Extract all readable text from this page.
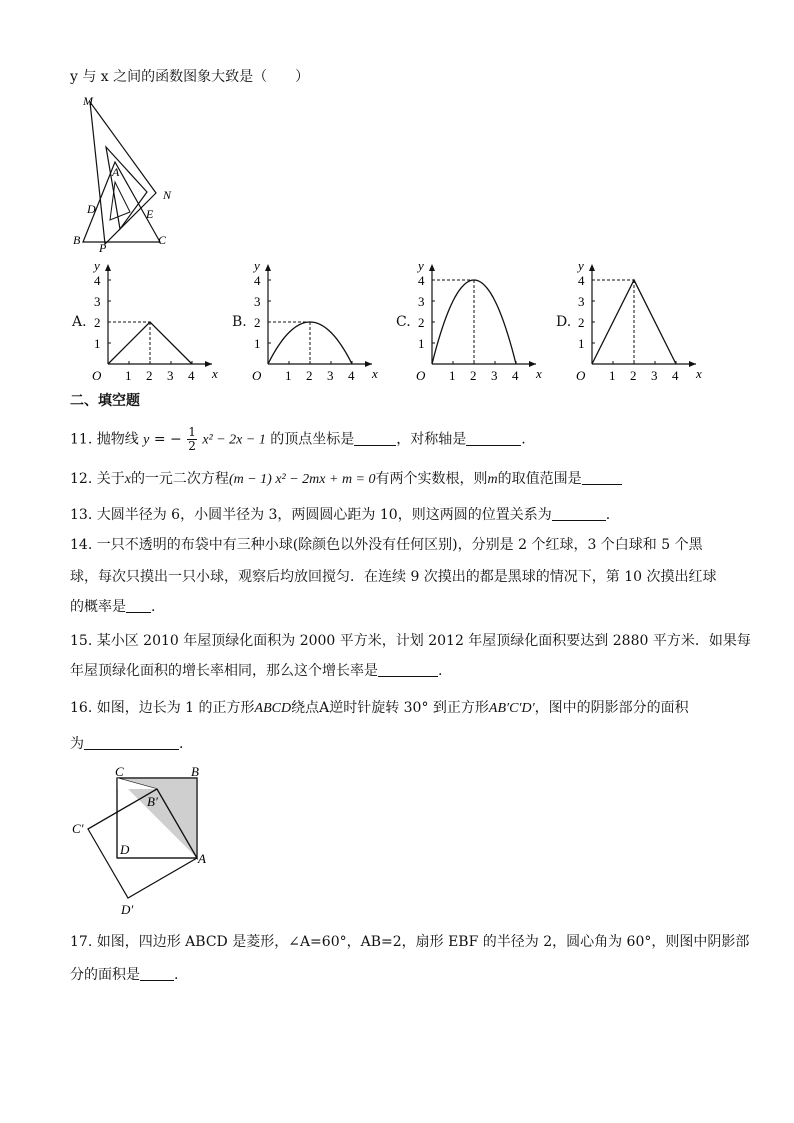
y 与 x 之间的函数图象大致是（　　）
M
A
N
D	E
B
P
C
A.
1 2 3 4
1
2
3
4
O	x
y
B.
1 2 3 4
1
2
3
4
O	x
y
C.
1 2 3 4
1
2
3
4
O	x
y
D.
1 2 3 4
1
2
3
4
O	x
y
二、填空题
11. 抛物线 y = − $\frac{1}{2} x^2 - 2x - 1$ 的顶点坐标是	，对称轴是	.
12. 关于x的一元二次方程(m − 1) x² − 2mx + m = 0有两个实数根，则m的取值范围是
13. 大圆半径为 6，小圆半径为 3，两圆圆心距为 10，则这两圆的位置关系为	.
14. 一只不透明的布袋中有三种小球(除颜色以外没有任何区别)，分别是 2 个红球，3 个白球和 5 个黑
球，每次只摸出一只小球，观察后均放回搅匀．在连续 9 次摸出的都是黑球的情况下，第 10 次摸出红球
的概率是 .
15. 某小区 2010 年屋顶绿化面积为 2000 平方米，计划 2012 年屋顶绿化面积要达到 2880 平方米．如果每
年屋顶绿化面积的增长率相同，那么这个增长率是	.
16. 如图，边长为 1 的正方形ABCD绕点A逆时针旋转 30° 到正方形AB′C′D′，图中的阴影部分的面积
为	.
C	B
B′
C′
D
A
D′
17. 如图，四边形 ABCD 是菱形，∠A=60°，AB=2，扇形 EBF 的半径为 2，圆心角为 60°，则图中阴影部
分的面积是 .
